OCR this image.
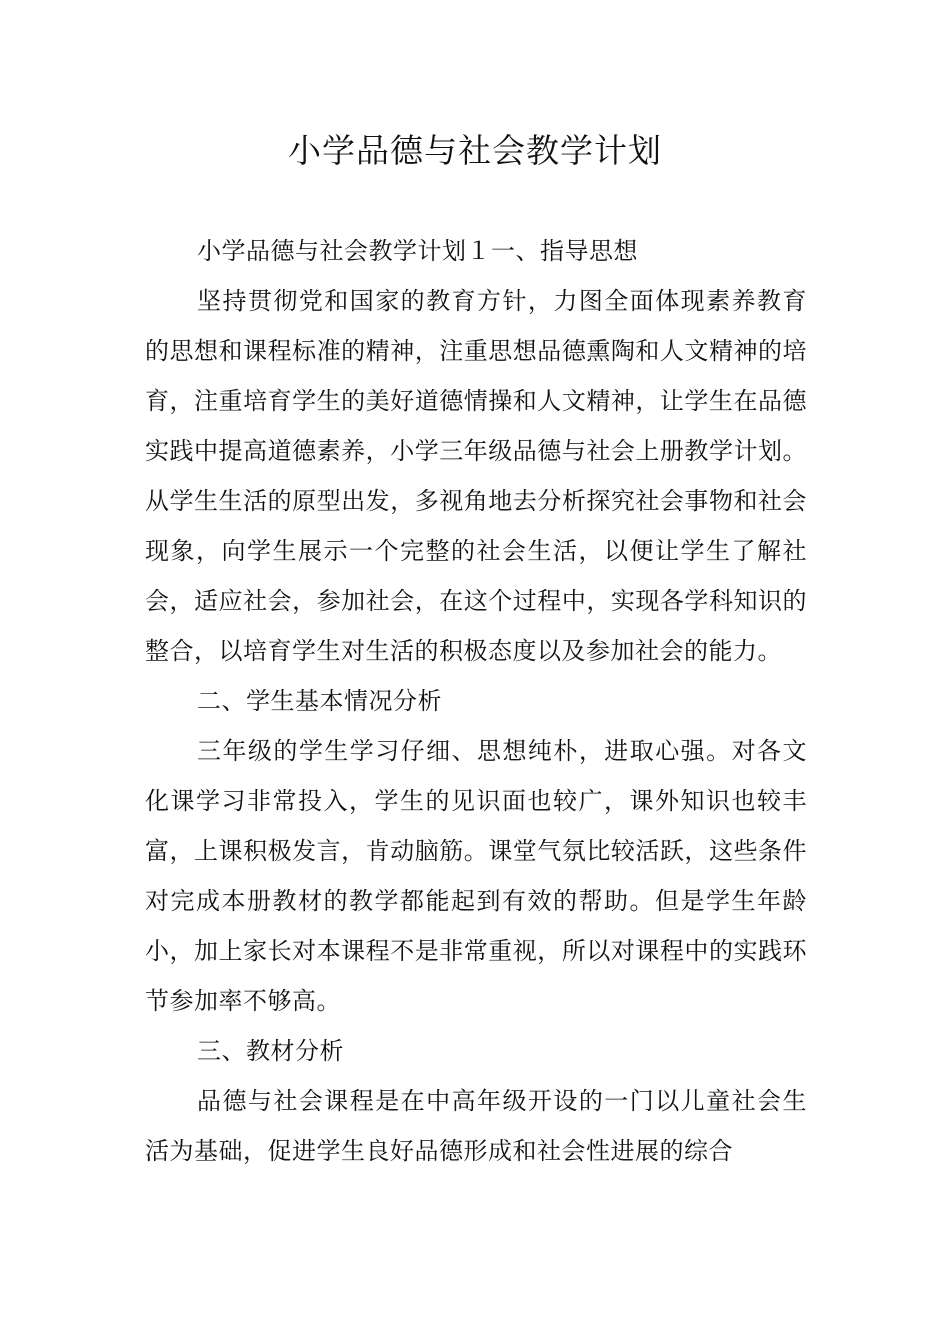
小学品德与社会教学计划

小学品德与社会教学计划１一、指导思想

坚持贯彻党和国家的教育方针，力图全面体现素养教育的思想和课程标准的精神，注重思想品德熏陶和人文精神的培育，注重培育学生的美好道德情操和人文精神，让学生在品德实践中提高道德素养，小学三年级品德与社会上册教学计划。从学生生活的原型出发，多视角地去分析探究社会事物和社会现象，向学生展示一个完整的社会生活，以便让学生了解社会，适应社会，参加社会，在这个过程中，实现各学科知识的整合，以培育学生对生活的积极态度以及参加社会的能力。

二、学生基本情况分析

三年级的学生学习仔细、思想纯朴，进取心强。对各文化课学习非常投入，学生的见识面也较广，课外知识也较丰富，上课积极发言，肯动脑筋。课堂气氛比较活跃，这些条件对完成本册教材的教学都能起到有效的帮助。但是学生年龄小，加上家长对本课程不是非常重视，所以对课程中的实践环节参加率不够高。

三、教材分析

品德与社会课程是在中高年级开设的一门以儿童社会生活为基础，促进学生良好品德形成和社会性进展的综合
